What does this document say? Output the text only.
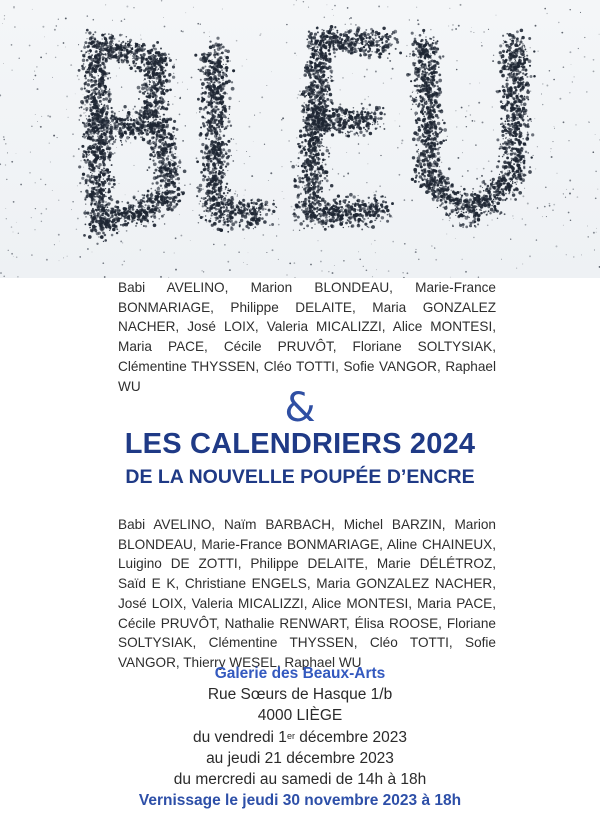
Babi AVELINO, Marion BLONDEAU, Marie-France BONMARIAGE, Philippe DELAITE, Maria GONZALEZ NACHER, José LOIX, Valeria MICALIZZI, Alice MONTESI, Maria PACE, Cécile PRUVÔT, Floriane SOLTYSIAK, Clémentine THYSSEN, Cléo TOTTI, Sofie VANGOR, Raphael WU	&
LES CALENDRIERS 2024
DE LA NOUVELLE POUPÉE D’ENCRE
Babi AVELINO, Naïm BARBACH, Michel BARZIN, Marion BLONDEAU, Marie-France BONMARIAGE, Aline CHAINEUX, Luigino DE ZOTTI, Philippe DELAITE, Marie DÉLÉTROZ, Saïd E K, Christiane ENGELS, Maria GONZALEZ NACHER, José LOIX, Valeria MICALIZZI, Alice MONTESI, Maria PACE, Cécile PRUVÔT, Nathalie RENWART, Élisa ROOSE, Floriane SOLTYSIAK, Clémentine THYSSEN, Cléo TOTTI, Sofie VANGOR, Thierry WESEL, Raphael WU
Galerie des Beaux-Arts
Rue Sœurs de Hasque 1/b
4000 LIÈGE
du vendredi 1er décembre 2023
au jeudi 21 décembre 2023
du mercredi au samedi de 14h à 18h
Vernissage le jeudi 30 novembre 2023 à 18h
